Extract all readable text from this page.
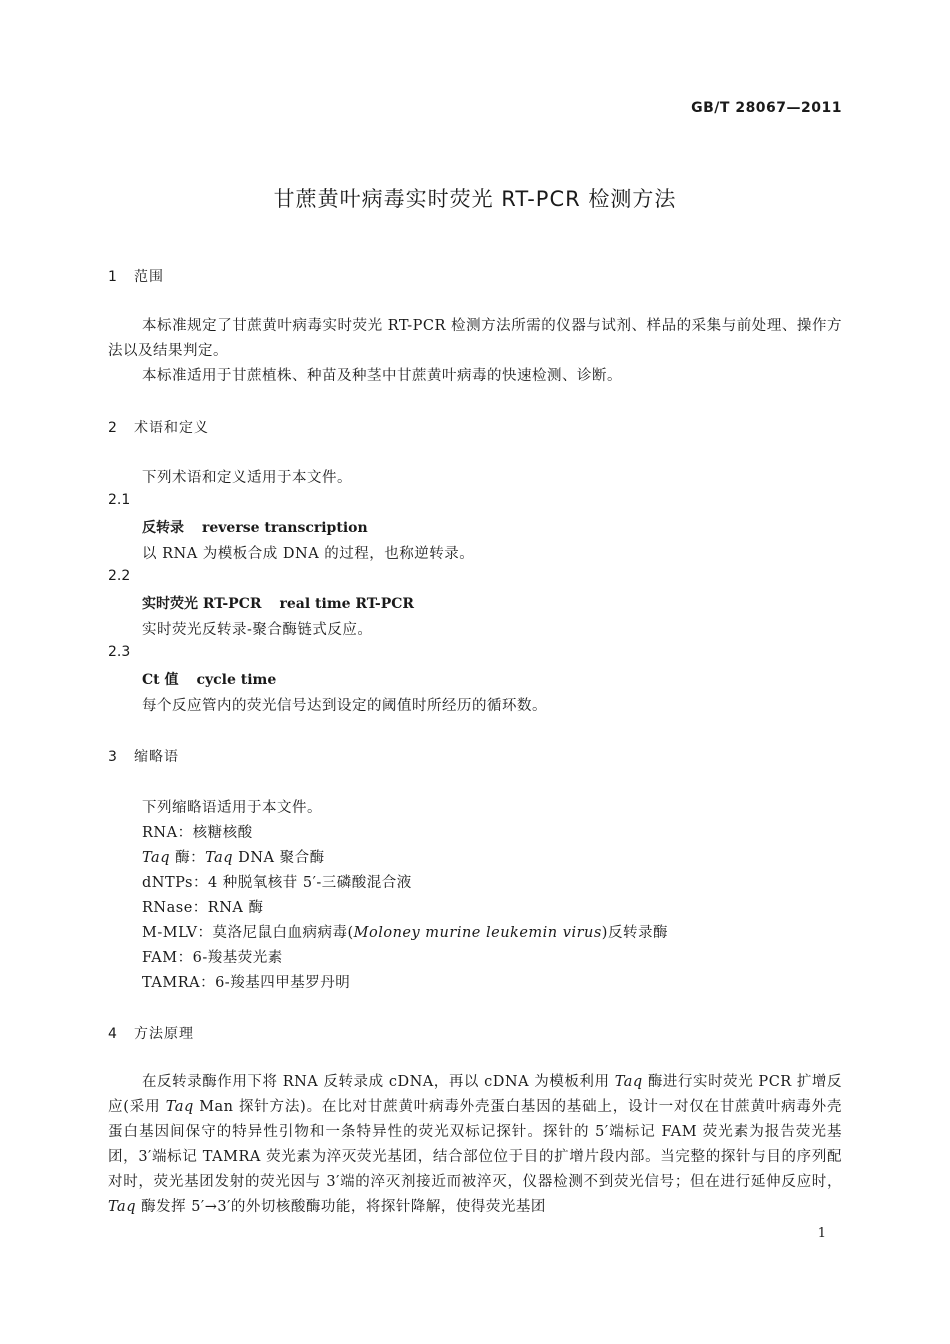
GB/T 28067—2011
甘蔗黄叶病毒实时荧光 RT-PCR 检测方法
1 范围
本标准规定了甘蔗黄叶病毒实时荧光 RT-PCR 检测方法所需的仪器与试剂、样品的采集与前处理、操作方法以及结果判定。
本标准适用于甘蔗植株、种苗及种茎中甘蔗黄叶病毒的快速检测、诊断。
2 术语和定义
下列术语和定义适用于本文件。
2.1
反转录 reverse transcription
以 RNA 为模板合成 DNA 的过程，也称逆转录。
2.2
实时荧光 RT-PCR real time RT-PCR
实时荧光反转录-聚合酶链式反应。
2.3
Ct 值 cycle time
每个反应管内的荧光信号达到设定的阈值时所经历的循环数。
3 缩略语
下列缩略语适用于本文件。
RNA：核糖核酸
Taq 酶：Taq DNA 聚合酶
dNTPs：4 种脱氧核苷 5′-三磷酸混合液
RNase：RNA 酶
M-MLV：莫洛尼鼠白血病病毒(Moloney murine leukemin virus)反转录酶
FAM：6-羧基荧光素
TAMRA：6-羧基四甲基罗丹明
4 方法原理
在反转录酶作用下将 RNA 反转录成 cDNA，再以 cDNA 为模板利用 Taq 酶进行实时荧光 PCR 扩增反应(采用 Taq Man 探针方法)。在比对甘蔗黄叶病毒外壳蛋白基因的基础上，设计一对仅在甘蔗黄叶病毒外壳蛋白基因间保守的特异性引物和一条特异性的荧光双标记探针。探针的 5′端标记 FAM 荧光素为报告荧光基团，3′端标记 TAMRA 荧光素为淬灭荧光基团，结合部位位于目的扩增片段内部。当完整的探针与目的序列配对时，荧光基团发射的荧光因与 3′端的淬灭剂接近而被淬灭，仪器检测不到荧光信号；但在进行延伸反应时，Taq 酶发挥 5′→3′的外切核酸酶功能，将探针降解，使得荧光基团
1
